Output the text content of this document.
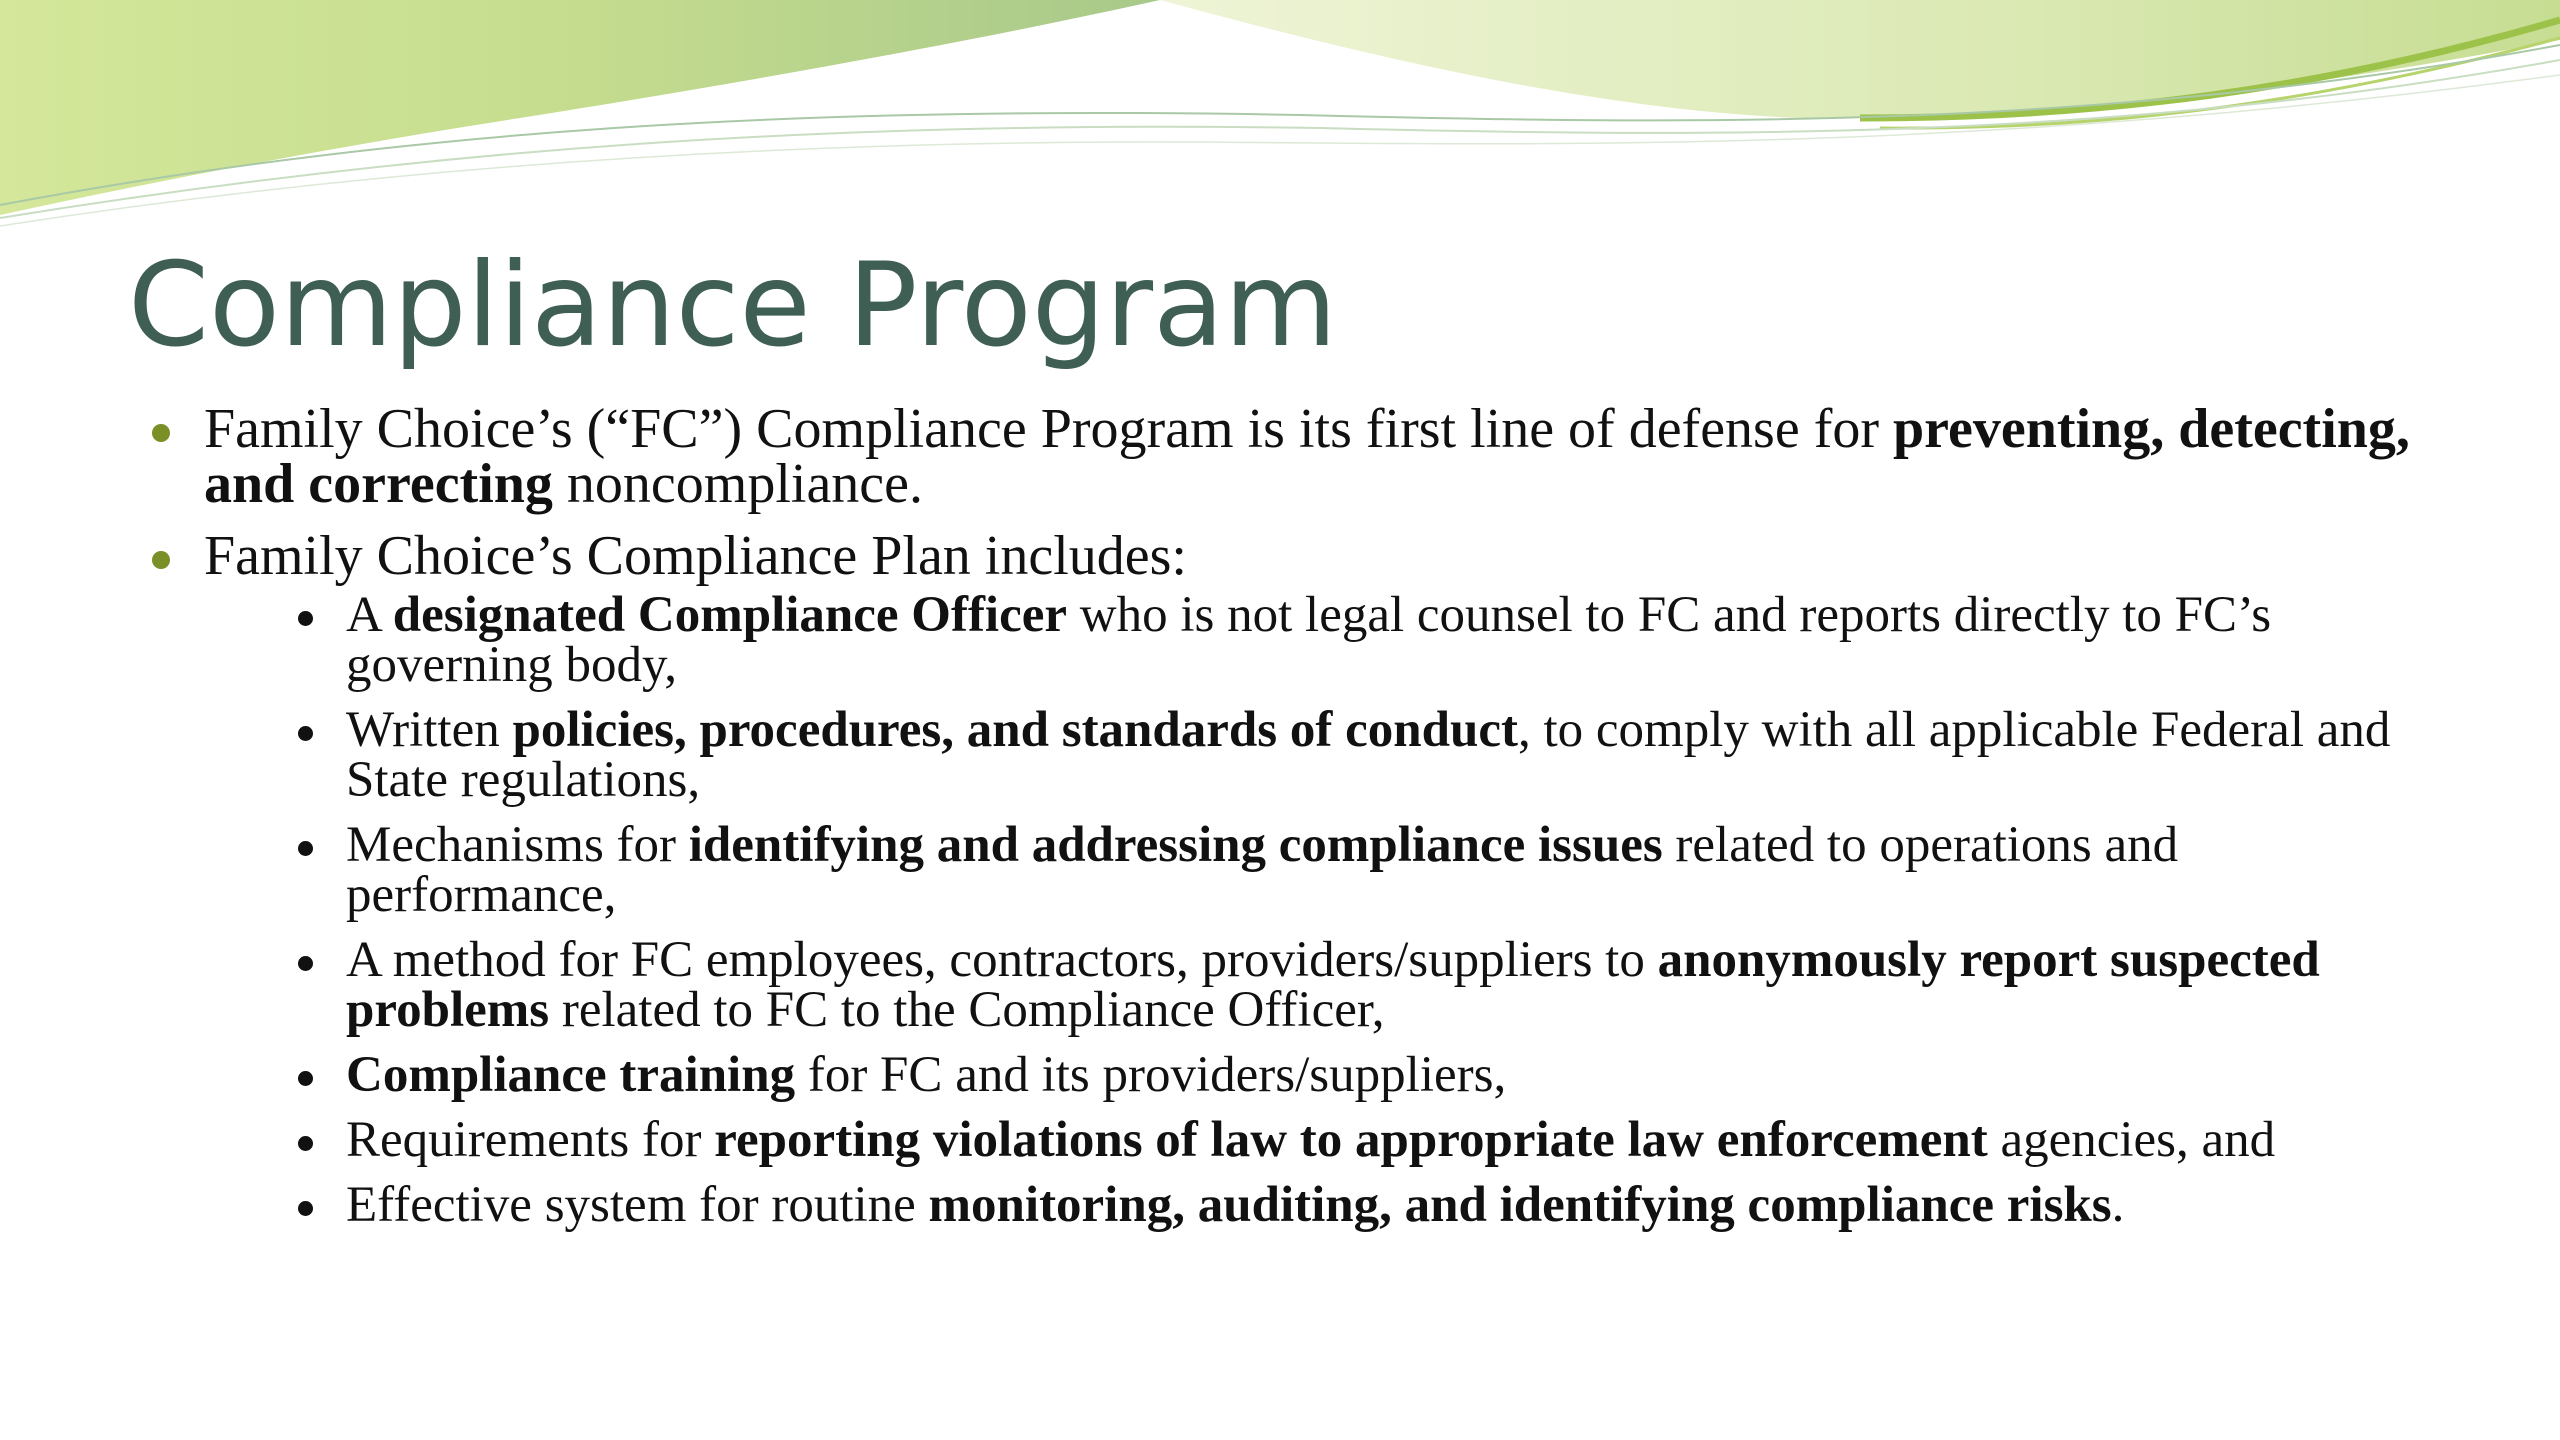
Compliance Program
Family Choice’s (“FC”) Compliance Program is its first line of defense for preventing, detecting, and correcting noncompliance.
Family Choice’s Compliance Plan includes:
A designated Compliance Officer who is not legal counsel to FC and reports directly to FC’s governing body,
Written policies, procedures, and standards of conduct, to comply with all applicable Federal and State regulations,
Mechanisms for identifying and addressing compliance issues related to operations and performance,
A method for FC employees, contractors, providers/suppliers to anonymously report suspected problems related to FC to the Compliance Officer,
Compliance training for FC and its providers/suppliers,
Requirements for reporting violations of law to appropriate law enforcement agencies, and
Effective system for routine monitoring, auditing, and identifying compliance risks.
